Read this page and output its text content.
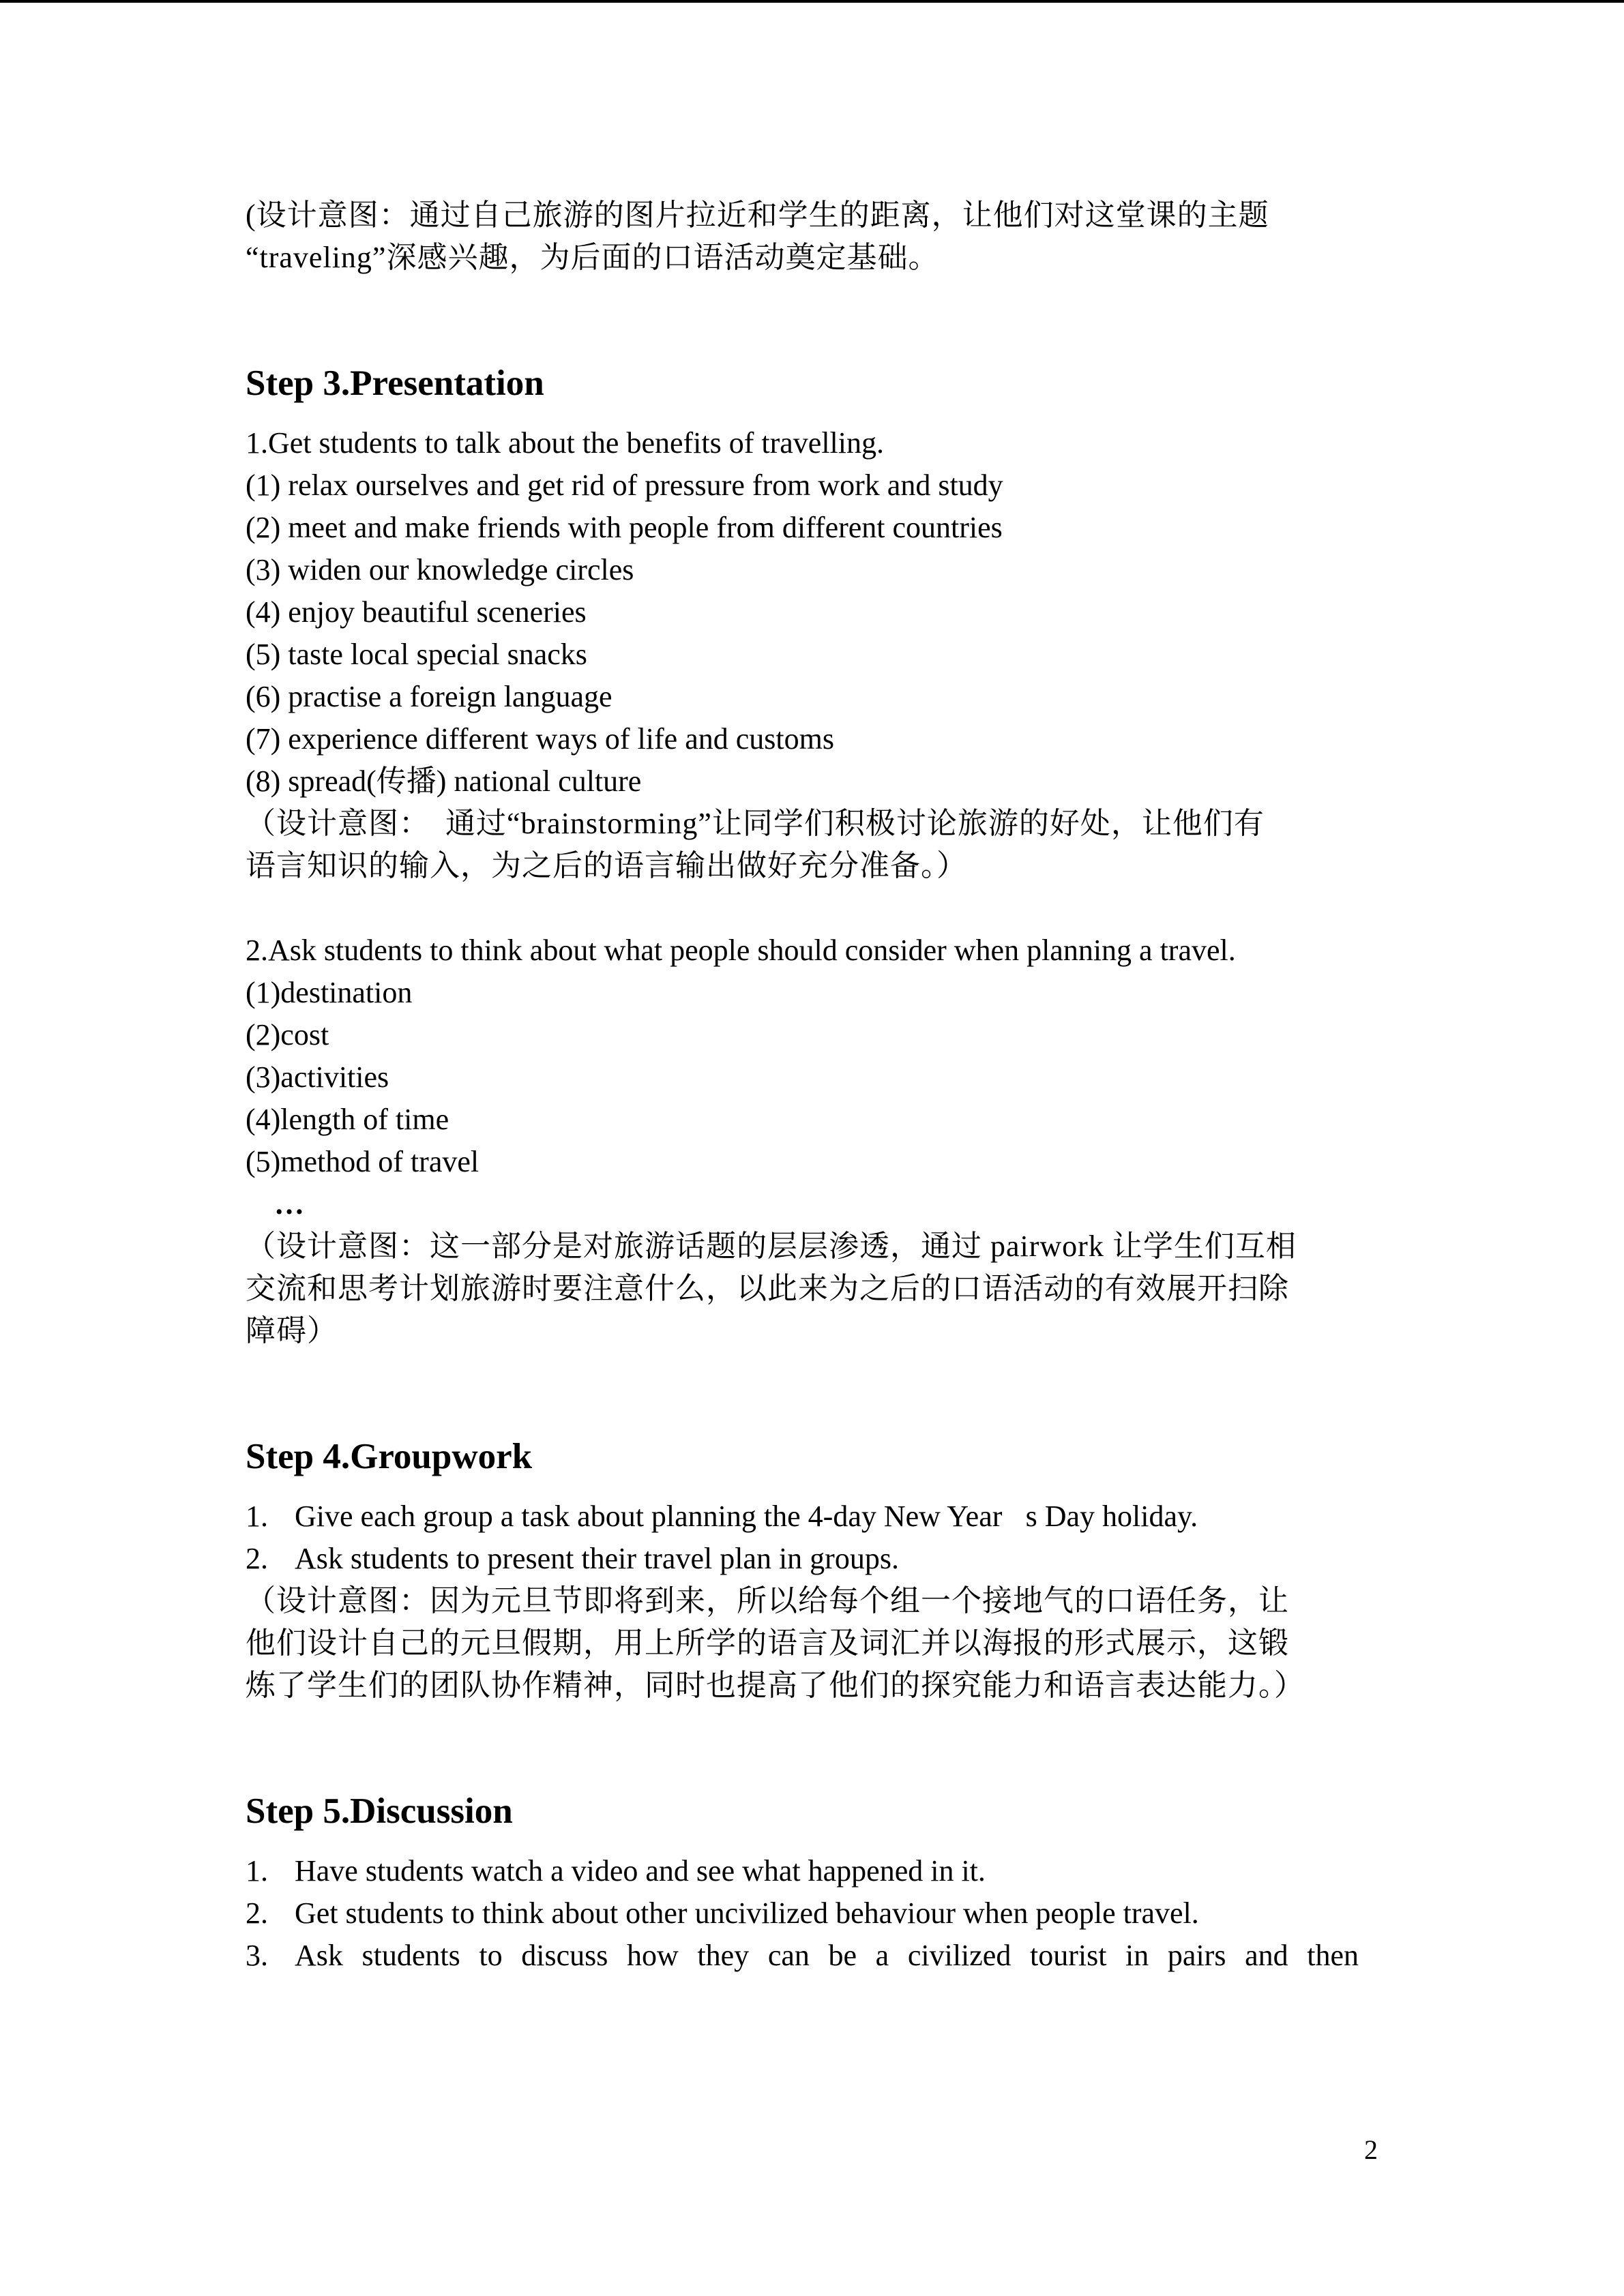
(设计意图：通过自己旅游的图片拉近和学生的距离，让他们对这堂课的主题
“traveling”深感兴趣，为后面的口语活动奠定基础。
Step 3.Presentation
1.Get students to talk about the benefits of travelling.
(1) relax ourselves and get rid of pressure from work and study
(2) meet and make friends with people from different countries
(3) widen our knowledge circles
(4) enjoy beautiful sceneries
(5) taste local special snacks
(6) practise a foreign language
(7) experience different ways of life and customs
(8) spread(传播) national culture
（设计意图：　通过“brainstorming”让同学们积极讨论旅游的好处，让他们有
语言知识的输入，为之后的语言输出做好充分准备。）
2.Ask students to think about what people should consider when planning a travel.
(1)destination
(2)cost
(3)activities
(4)length of time
(5)method of travel
…
（设计意图：这一部分是对旅游话题的层层渗透，通过 pairwork 让学生们互相
交流和思考计划旅游时要注意什么，以此来为之后的口语活动的有效展开扫除
障碍）
Step 4.Groupwork
1. Give each group a task about planning the 4-day New Year s Day holiday.
2. Ask students to present their travel plan in groups.
（设计意图：因为元旦节即将到来，所以给每个组一个接地气的口语任务，让
他们设计自己的元旦假期，用上所学的语言及词汇并以海报的形式展示，这锻
炼了学生们的团队协作精神，同时也提高了他们的探究能力和语言表达能力。）
Step 5.Discussion
1. Have students watch a video and see what happened in it.
2. Get students to think about other uncivilized behaviour when people travel.
3. Ask students to discuss how they can be a civilized tourist in pairs and then
2
